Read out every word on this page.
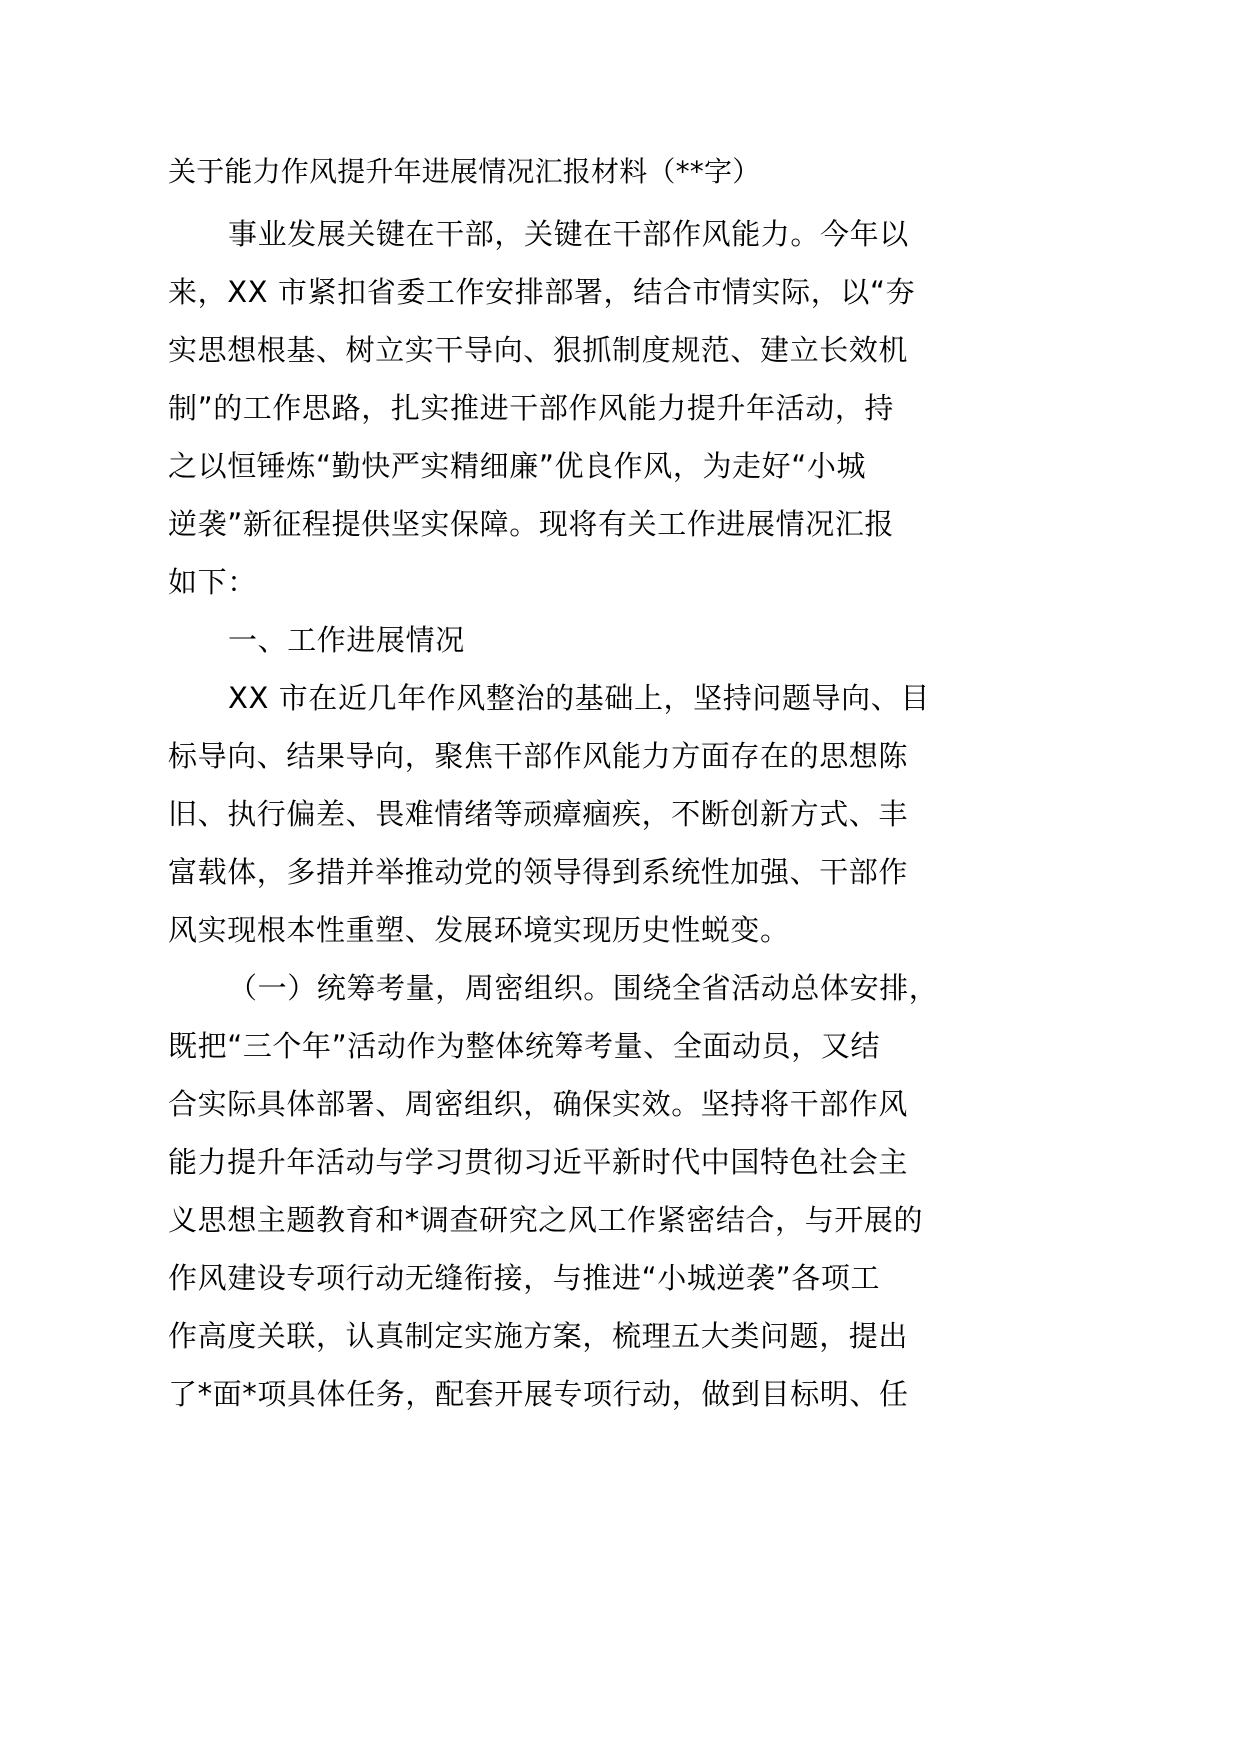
关于能力作风提升年进展情况汇报材料（**字）
事业发展关键在干部，关键在干部作风能力。今年以
来，XX 市紧扣省委工作安排部署，结合市情实际，以“夯
实思想根基、树立实干导向、狠抓制度规范、建立长效机
制”的工作思路，扎实推进干部作风能力提升年活动，持
之以恒锤炼“勤快严实精细廉”优良作风，为走好“小城
逆袭”新征程提供坚实保障。现将有关工作进展情况汇报
如下：
一、工作进展情况
XX 市在近几年作风整治的基础上，坚持问题导向、目
标导向、结果导向，聚焦干部作风能力方面存在的思想陈
旧、执行偏差、畏难情绪等顽瘴痼疾，不断创新方式、丰
富载体，多措并举推动党的领导得到系统性加强、干部作
风实现根本性重塑、发展环境实现历史性蜕变。
（一）统筹考量，周密组织。围绕全省活动总体安排，
既把“三个年”活动作为整体统筹考量、全面动员，又结
合实际具体部署、周密组织，确保实效。坚持将干部作风
能力提升年活动与学习贯彻习近平新时代中国特色社会主
义思想主题教育和*调查研究之风工作紧密结合，与开展的
作风建设专项行动无缝衔接，与推进“小城逆袭”各项工
作高度关联，认真制定实施方案，梳理五大类问题，提出
了*面*项具体任务，配套开展专项行动，做到目标明、任
